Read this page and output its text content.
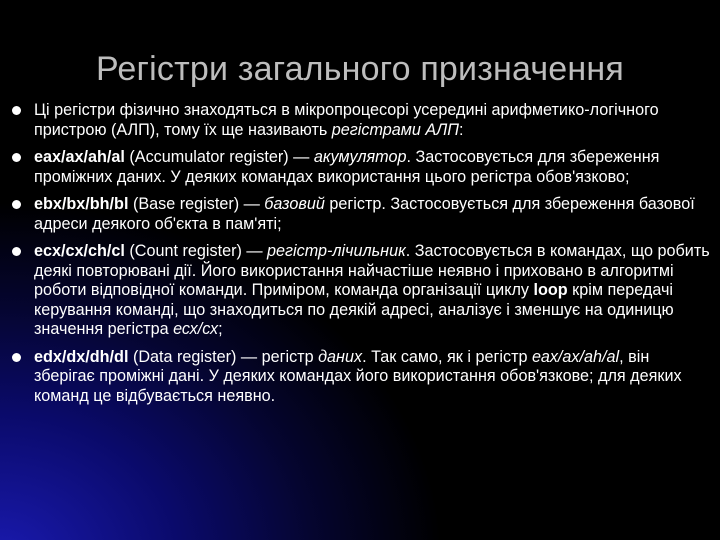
Регістри загального призначення
Ці регістри фізично знаходяться в мікропроцесорі усередині арифметико-логічного пристрою (АЛП), тому їх ще називають регістрами АЛП:
eax/ax/ah/al (Accumulator register) — акумулятор. Застосовується для збереження проміжних даних. У деяких командах використання цього регістра обов'язково;
ebx/bx/bh/bl (Base register) — базовий регістр. Застосовується для збереження базової адреси деякого об'єкта в пам'яті;
ecx/cx/ch/cl (Count register) — регістр-лічильник. Застосовується в командах, що робить деякі повторювані дії. Його використання найчастіше неявно і приховано в алгоритмі роботи відповідної команди. Приміром, команда організації циклу loop крім передачі керування команді, що знаходиться по деякій адресі, аналізує і зменшує на одиницю значення регістра есх/сх;
edx/dx/dh/dl (Data register) — регістр даних. Так само, як і регістр еах/ах/аh/аl, він зберігає проміжні дані. У деяких командах його використання обов'язкове; для деяких команд це відбувається неявно.
